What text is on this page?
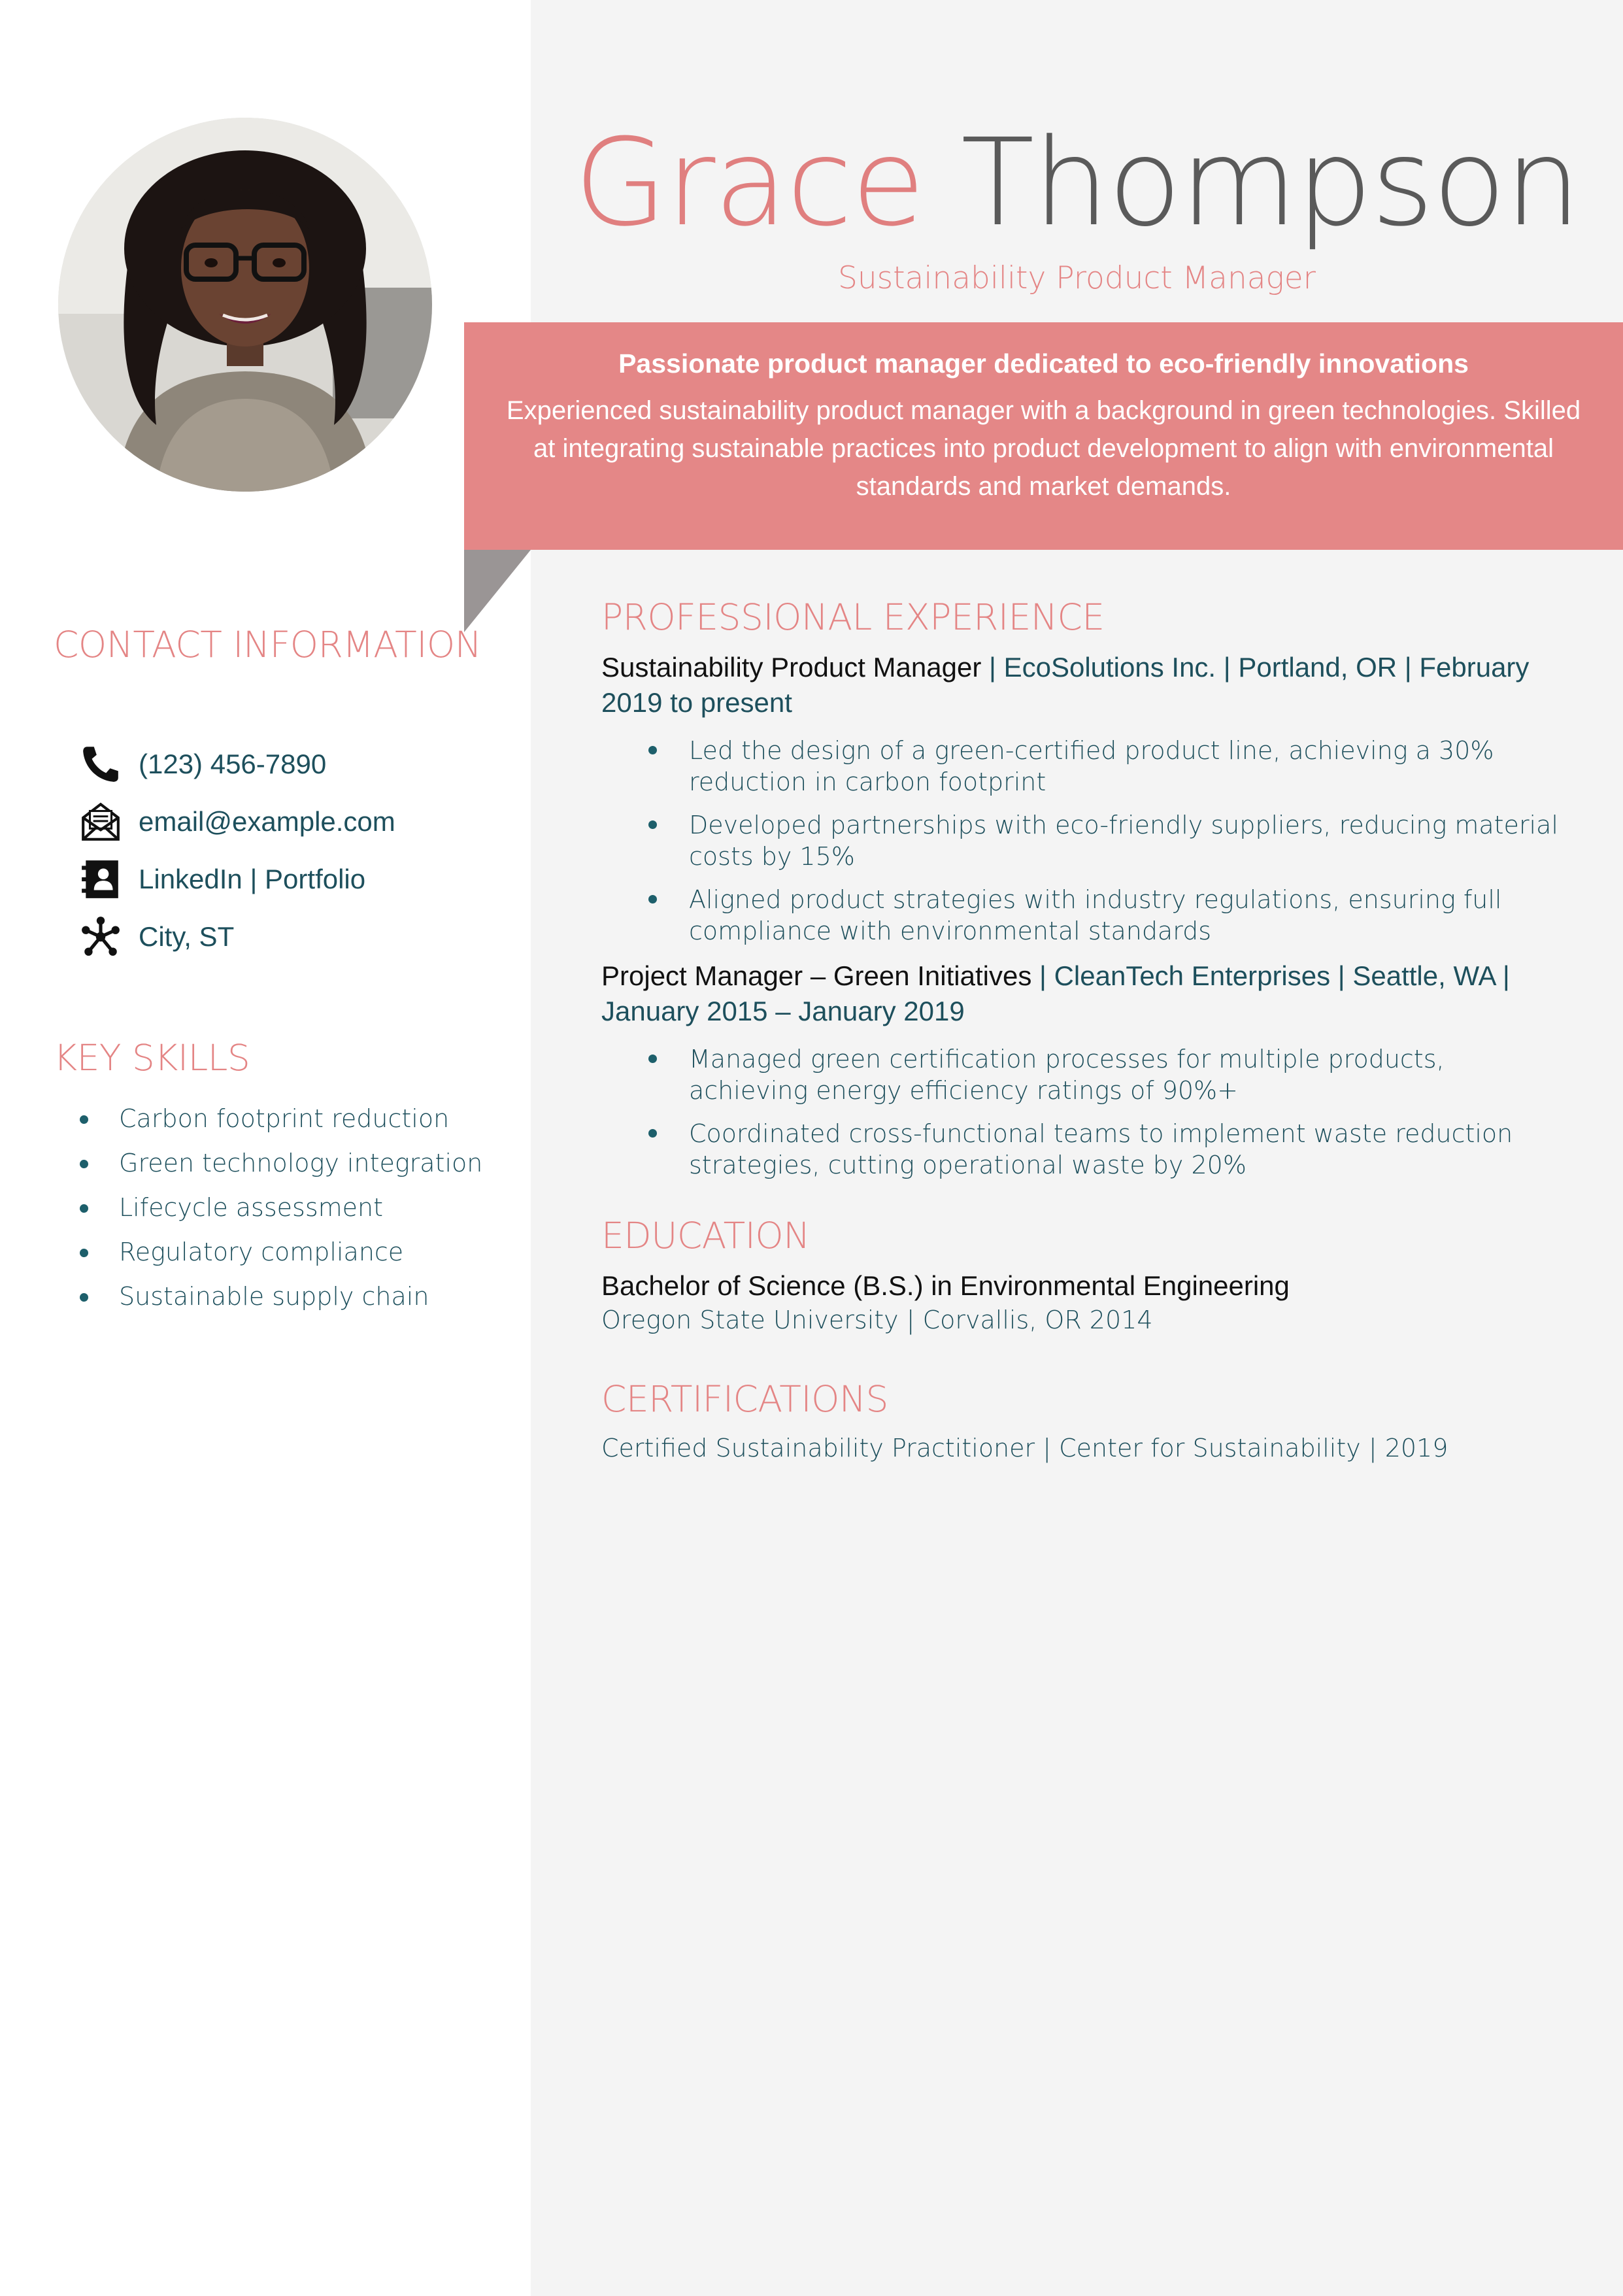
Grace Thompson
Sustainability Product Manager
Passionate product manager dedicated to eco-friendly innovations
Experienced sustainability product manager with a background in green technologies. Skilled at integrating sustainable practices into product development to align with environmental standards and market demands.
CONTACT INFORMATION
(123) 456-7890
email@example.com
LinkedIn | Portfolio
City, ST
KEY SKILLS
Carbon footprint reduction
Green technology integration
Lifecycle assessment
Regulatory compliance
Sustainable supply chain
PROFESSIONAL EXPERIENCE
Sustainability Product Manager | EcoSolutions Inc. | Portland, OR | February 2019 to present
Led the design of a green-certified product line, achieving a 30% reduction in carbon footprint
Developed partnerships with eco-friendly suppliers, reducing material costs by 15%
Aligned product strategies with industry regulations, ensuring full compliance with environmental standards
Project Manager – Green Initiatives | CleanTech Enterprises | Seattle, WA | January 2015 – January 2019
Managed green certification processes for multiple products, achieving energy efficiency ratings of 90%+
Coordinated cross-functional teams to implement waste reduction strategies, cutting operational waste by 20%
EDUCATION
Bachelor of Science (B.S.) in Environmental Engineering
Oregon State University | Corvallis, OR 2014
CERTIFICATIONS
Certified Sustainability Practitioner | Center for Sustainability | 2019
